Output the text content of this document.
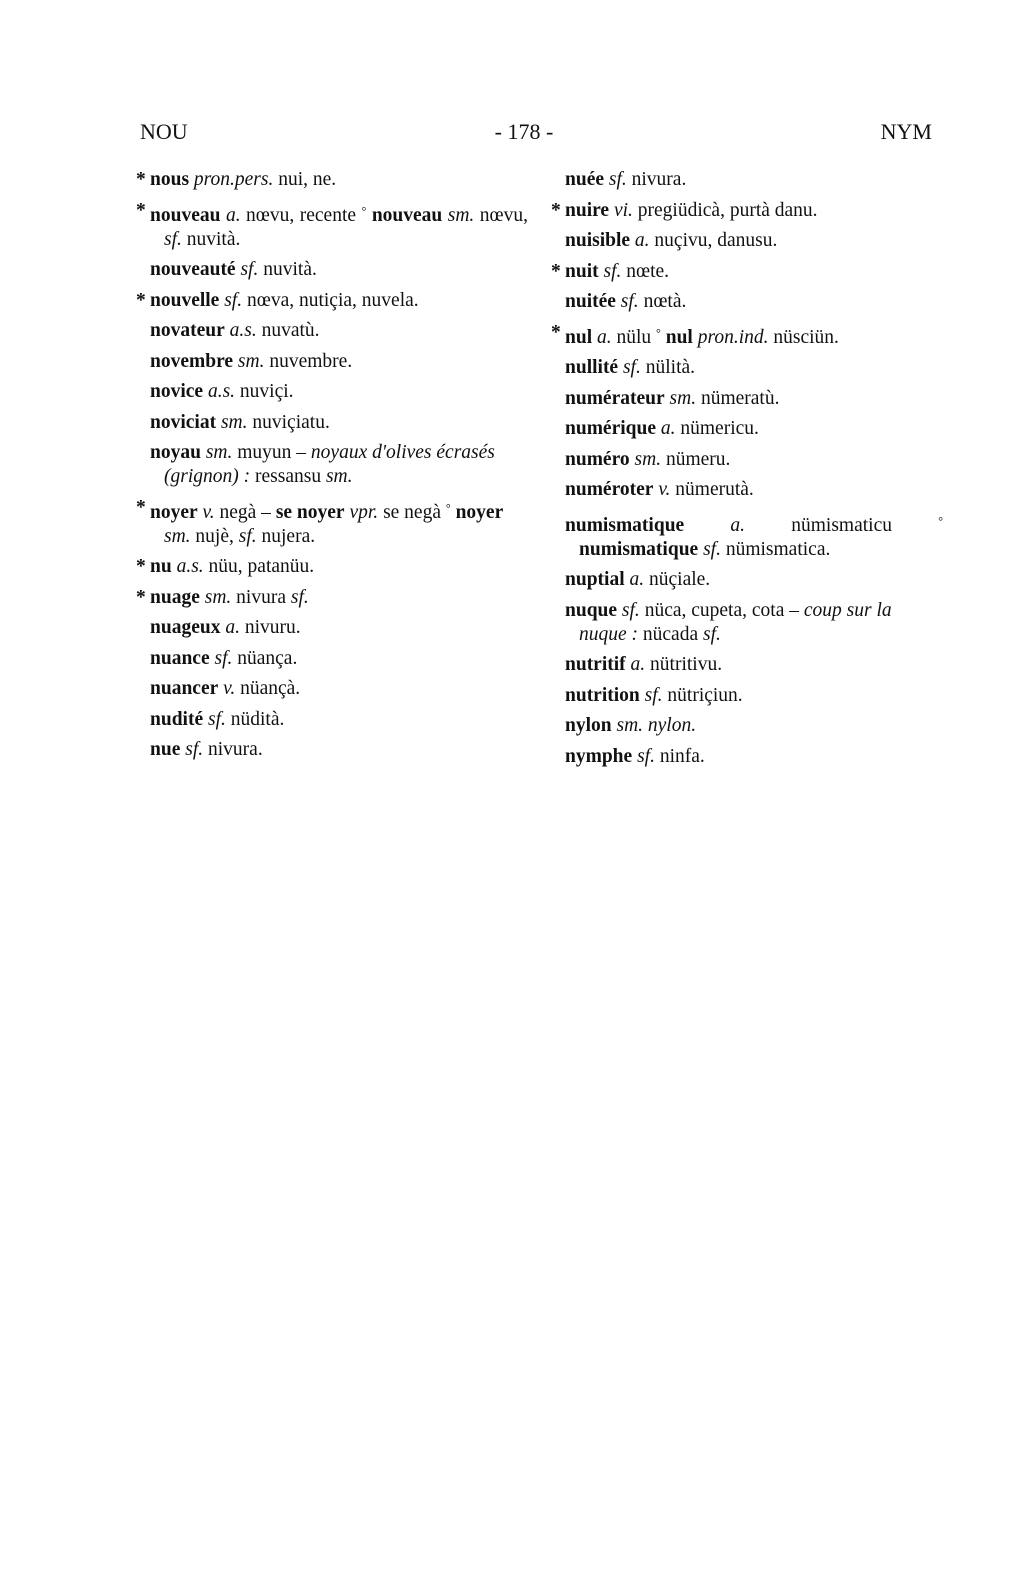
NOU	- 178 -	NYM
* nous pron.pers. nui, ne.
* nouveau a. nœvu, recente ° nouveau sm. nœvu, sf. nuvità.
nouveauté sf. nuvità.
* nouvelle sf. nœva, nutiçia, nuvela.
novateur a.s. nuvatù.
novembre sm. nuvembre.
novice a.s. nuviçi.
noviciat sm. nuviçiatu.
noyau sm. muyun – noyaux d'olives écrasés (grignon) : ressansu sm.
* noyer v. negà – se noyer vpr. se negà ° noyer sm. nujè, sf. nujera.
* nu a.s. nüu, patanüu.
* nuage sm. nivura sf.
nuageux a. nivuru.
nuance sf. nüança.
nuancer v. nüançà.
nudité sf. nüdità.
nue sf. nivura.
nuée sf. nivura.
* nuire vi. pregiüdicà, purtà danu.
nuisible a. nuçivu, danusu.
* nuit sf. nœte.
nuitée sf. nœtà.
* nul a. nülu ° nul pron.ind. nüsciün.
nullité sf. nülità.
numérateur sm. nümeratù.
numérique a. nümericu.
numéro sm. nümeru.
numéroter v. nümerutà.
numismatique a. nümismaticu ° numismatique sf. nümismatica.
nuptial a. nüçiale.
nuque sf. nüca, cupeta, cota – coup sur la nuque : nücada sf.
nutritif a. nütritivu.
nutrition sf. nütriçiun.
nylon sm. nylon.
nymphe sf. ninfa.
